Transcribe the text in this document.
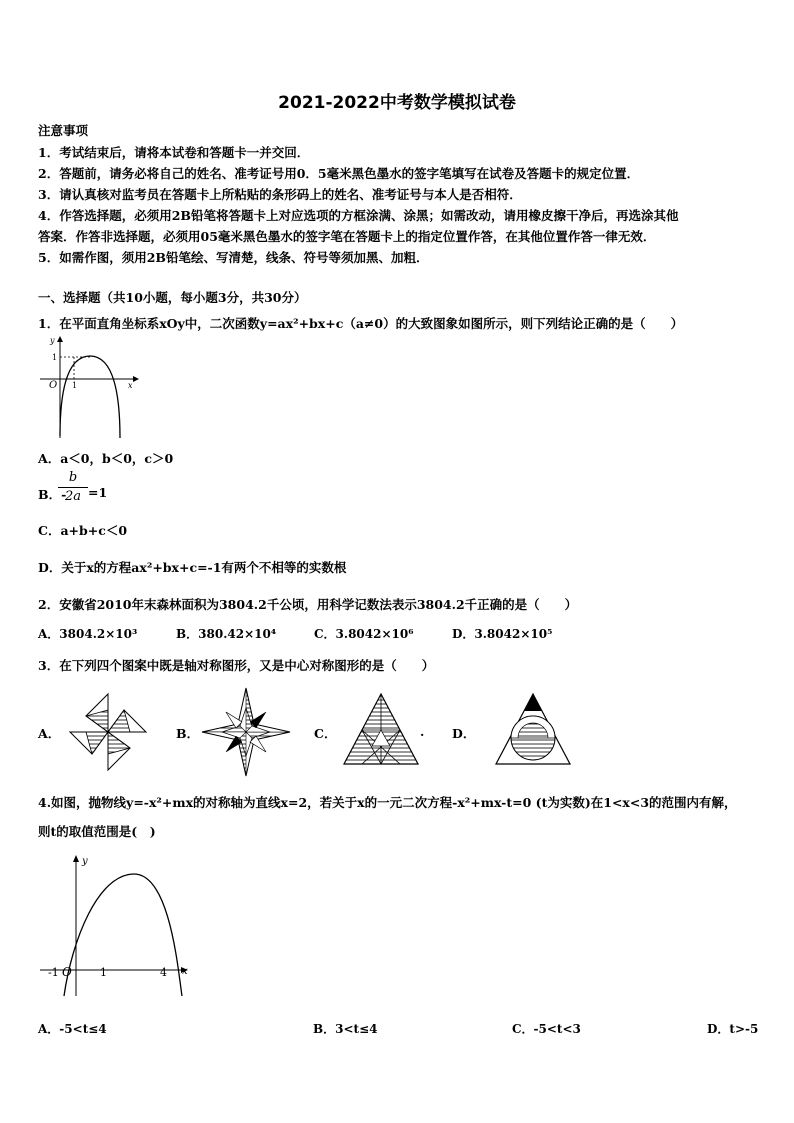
2021-2022中考数学模拟试卷
注意事项
1．考试结束后，请将本试卷和答题卡一并交回．
2．答题前，请务必将自己的姓名、准考证号用0．5毫米黑色墨水的签字笔填写在试卷及答题卡的规定位置．
3．请认真核对监考员在答题卡上所粘贴的条形码上的姓名、准考证号与本人是否相符．
4．作答选择题，必须用2B铅笔将答题卡上对应选项的方框涂满、涂黑；如需改动，请用橡皮擦干净后，再选涂其他
答案．作答非选择题，必须用05毫米黑色墨水的签字笔在答题卡上的指定位置作答，在其他位置作答一律无效．
5．如需作图，须用2B铅笔绘、写清楚，线条、符号等须加黑、加粗．
一、选择题（共10小题，每小题3分，共30分）
1．在平面直角坐标系xOy中，二次函数y=ax²+bx+c（a≠0）的大致图象如图所示，则下列结论正确的是（　　）
y
x
O 1
1
A．a＜0，b＜0，c＞0
B．-
$\frac{b}{2a} =1$
C．a+b+c＜0
D．关于x的方程ax²+bx+c=-1有两个不相等的实数根
2．安徽省2010年末森林面积为3804.2千公顷，用科学记数法表示3804.2千正确的是（　　）
A．3804.2×10³	B．380.42×10⁴	C．3.8042×10⁶	D．3.8042×10⁵
3．在下列四个图案中既是轴对称图形，又是中心对称图形的是（　　）
A．	B．	C．	. D．
4.如图，抛物线y=-x²+mx的对称轴为直线x=2，若关于x的一元二次方程-x²+mx-t=0 (t为实数)在1<x<3的范围内有解，
则t的取值范围是(　)
y
x
-1 O	1	4
A．-5<t≤4	B．3<t≤4	C．-5<t<3	D．t>-5
